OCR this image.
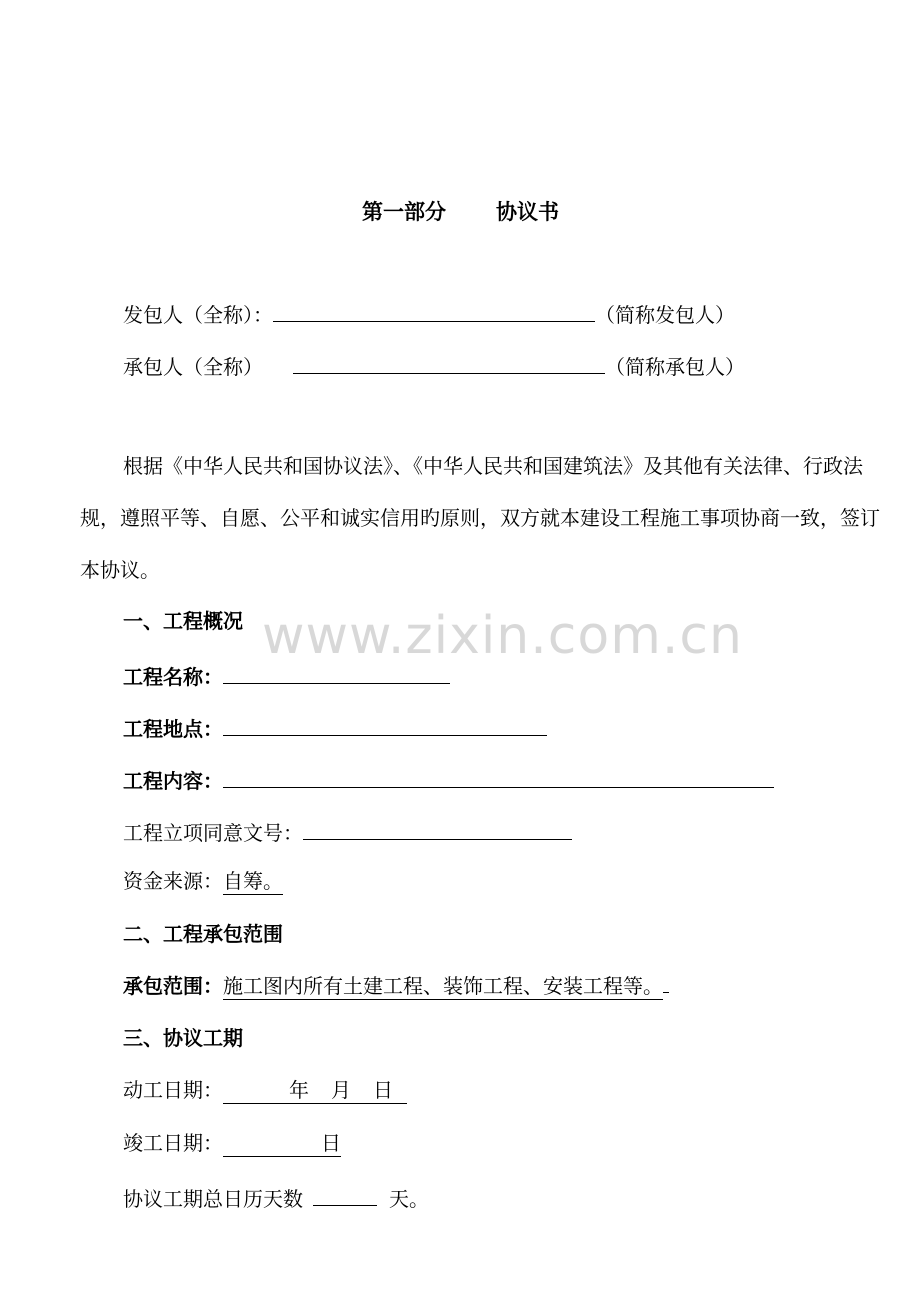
第一部分 协议书
发包人（全称）：	（简称发包人）
承包人（全称）	（简称承包人）
根据《中华人民共和国协议法》、《中华人民共和国建筑法》及其他有关法律、行政法规，遵照平等、自愿、公平和诚实信用旳原则，双方就本建设工程施工事项协商一致，签订本协议。
www.zixin.com.cn
一、工程概况
工程名称：
工程地点：
工程内容：
工程立项同意文号：
资金来源：自筹。
二、工程承包范围
承包范围：施工图内所有土建工程、装饰工程、安装工程等。
三、协议工期
动工日期：	年 月 日
竣工日期：	日
协议工期总日历天数	天。
